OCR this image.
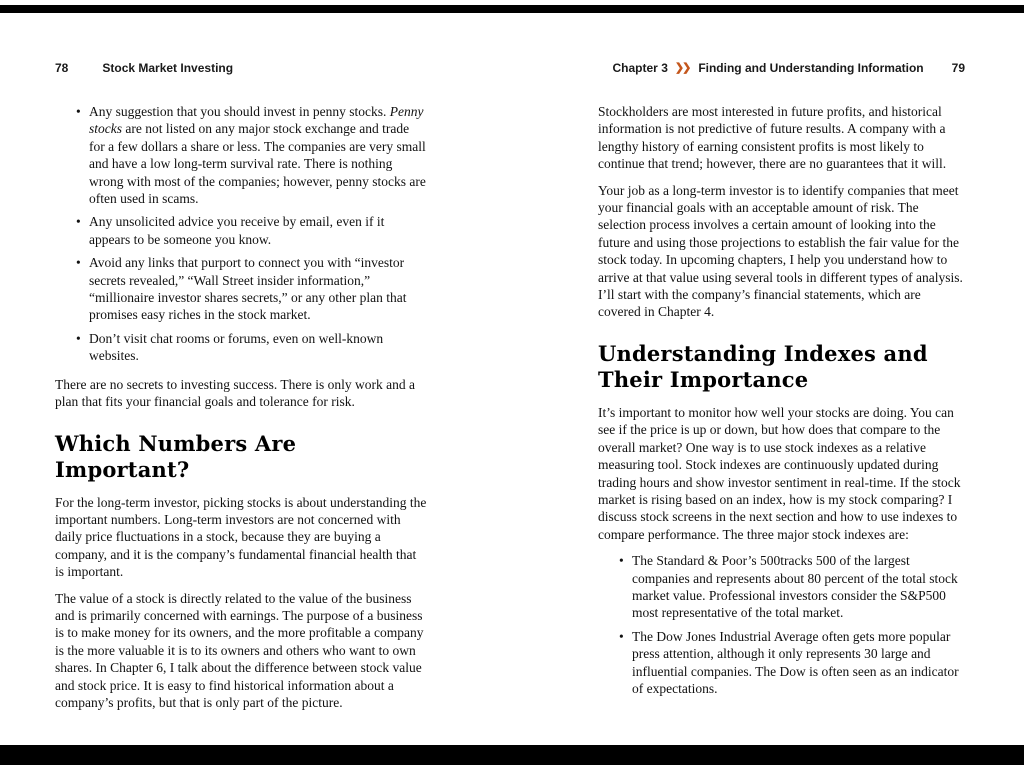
78	Stock Market Investing
• Any suggestion that you should invest in penny stocks. Penny stocks are not listed on any major stock exchange and trade for a few dollars a share or less. The companies are very small and have a low long-term survival rate. There is nothing wrong with most of the companies; however, penny stocks are often used in scams.
• Any unsolicited advice you receive by email, even if it appears to be someone you know.
• Avoid any links that purport to connect you with “investor secrets revealed,” “Wall Street insider information,” “millionaire investor shares secrets,” or any other plan that promises easy riches in the stock market.
• Don’t visit chat rooms or forums, even on well-known websites.

There are no secrets to investing success. There is only work and a plan that fits your financial goals and tolerance for risk.

Which Numbers Are Important?

For the long-term investor, picking stocks is about understanding the important numbers. Long-term investors are not concerned with daily price fluctuations in a stock, because they are buying a company, and it is the company’s fundamental financial health that is important.

The value of a stock is directly related to the value of the business and is primarily concerned with earnings. The purpose of a business is to make money for its owners, and the more profitable a company is the more valuable it is to its owners and others who want to own shares. In Chapter 6, I talk about the difference between stock value and stock price. It is easy to find historical information about a company’s profits, but that is only part of the picture.

Chapter 3 ❯❯ Finding and Understanding Information 79

Stockholders are most interested in future profits, and historical information is not predictive of future results. A company with a lengthy history of earning consistent profits is most likely to continue that trend; however, there are no guarantees that it will.

Your job as a long-term investor is to identify companies that meet your financial goals with an acceptable amount of risk. The selection process involves a certain amount of looking into the future and using those projections to establish the fair value for the stock today. In upcoming chapters, I help you understand how to arrive at that value using several tools in different types of analysis. I’ll start with the company’s financial statements, which are covered in Chapter 4.

Understanding Indexes and Their Importance

It’s important to monitor how well your stocks are doing. You can see if the price is up or down, but how does that compare to the overall market? One way is to use stock indexes as a relative measuring tool. Stock indexes are continuously updated during trading hours and show investor sentiment in real-time. If the stock market is rising based on an index, how is my stock comparing? I discuss stock screens in the next section and how to use indexes to compare performance. The three major stock indexes are:

• The Standard & Poor’s 500tracks 500 of the largest companies and represents about 80 percent of the total stock market value. Professional investors consider the S&P500 most representative of the total market.
• The Dow Jones Industrial Average often gets more popular press attention, although it only represents 30 large and influential companies. The Dow is often seen as an indicator of expectations.
